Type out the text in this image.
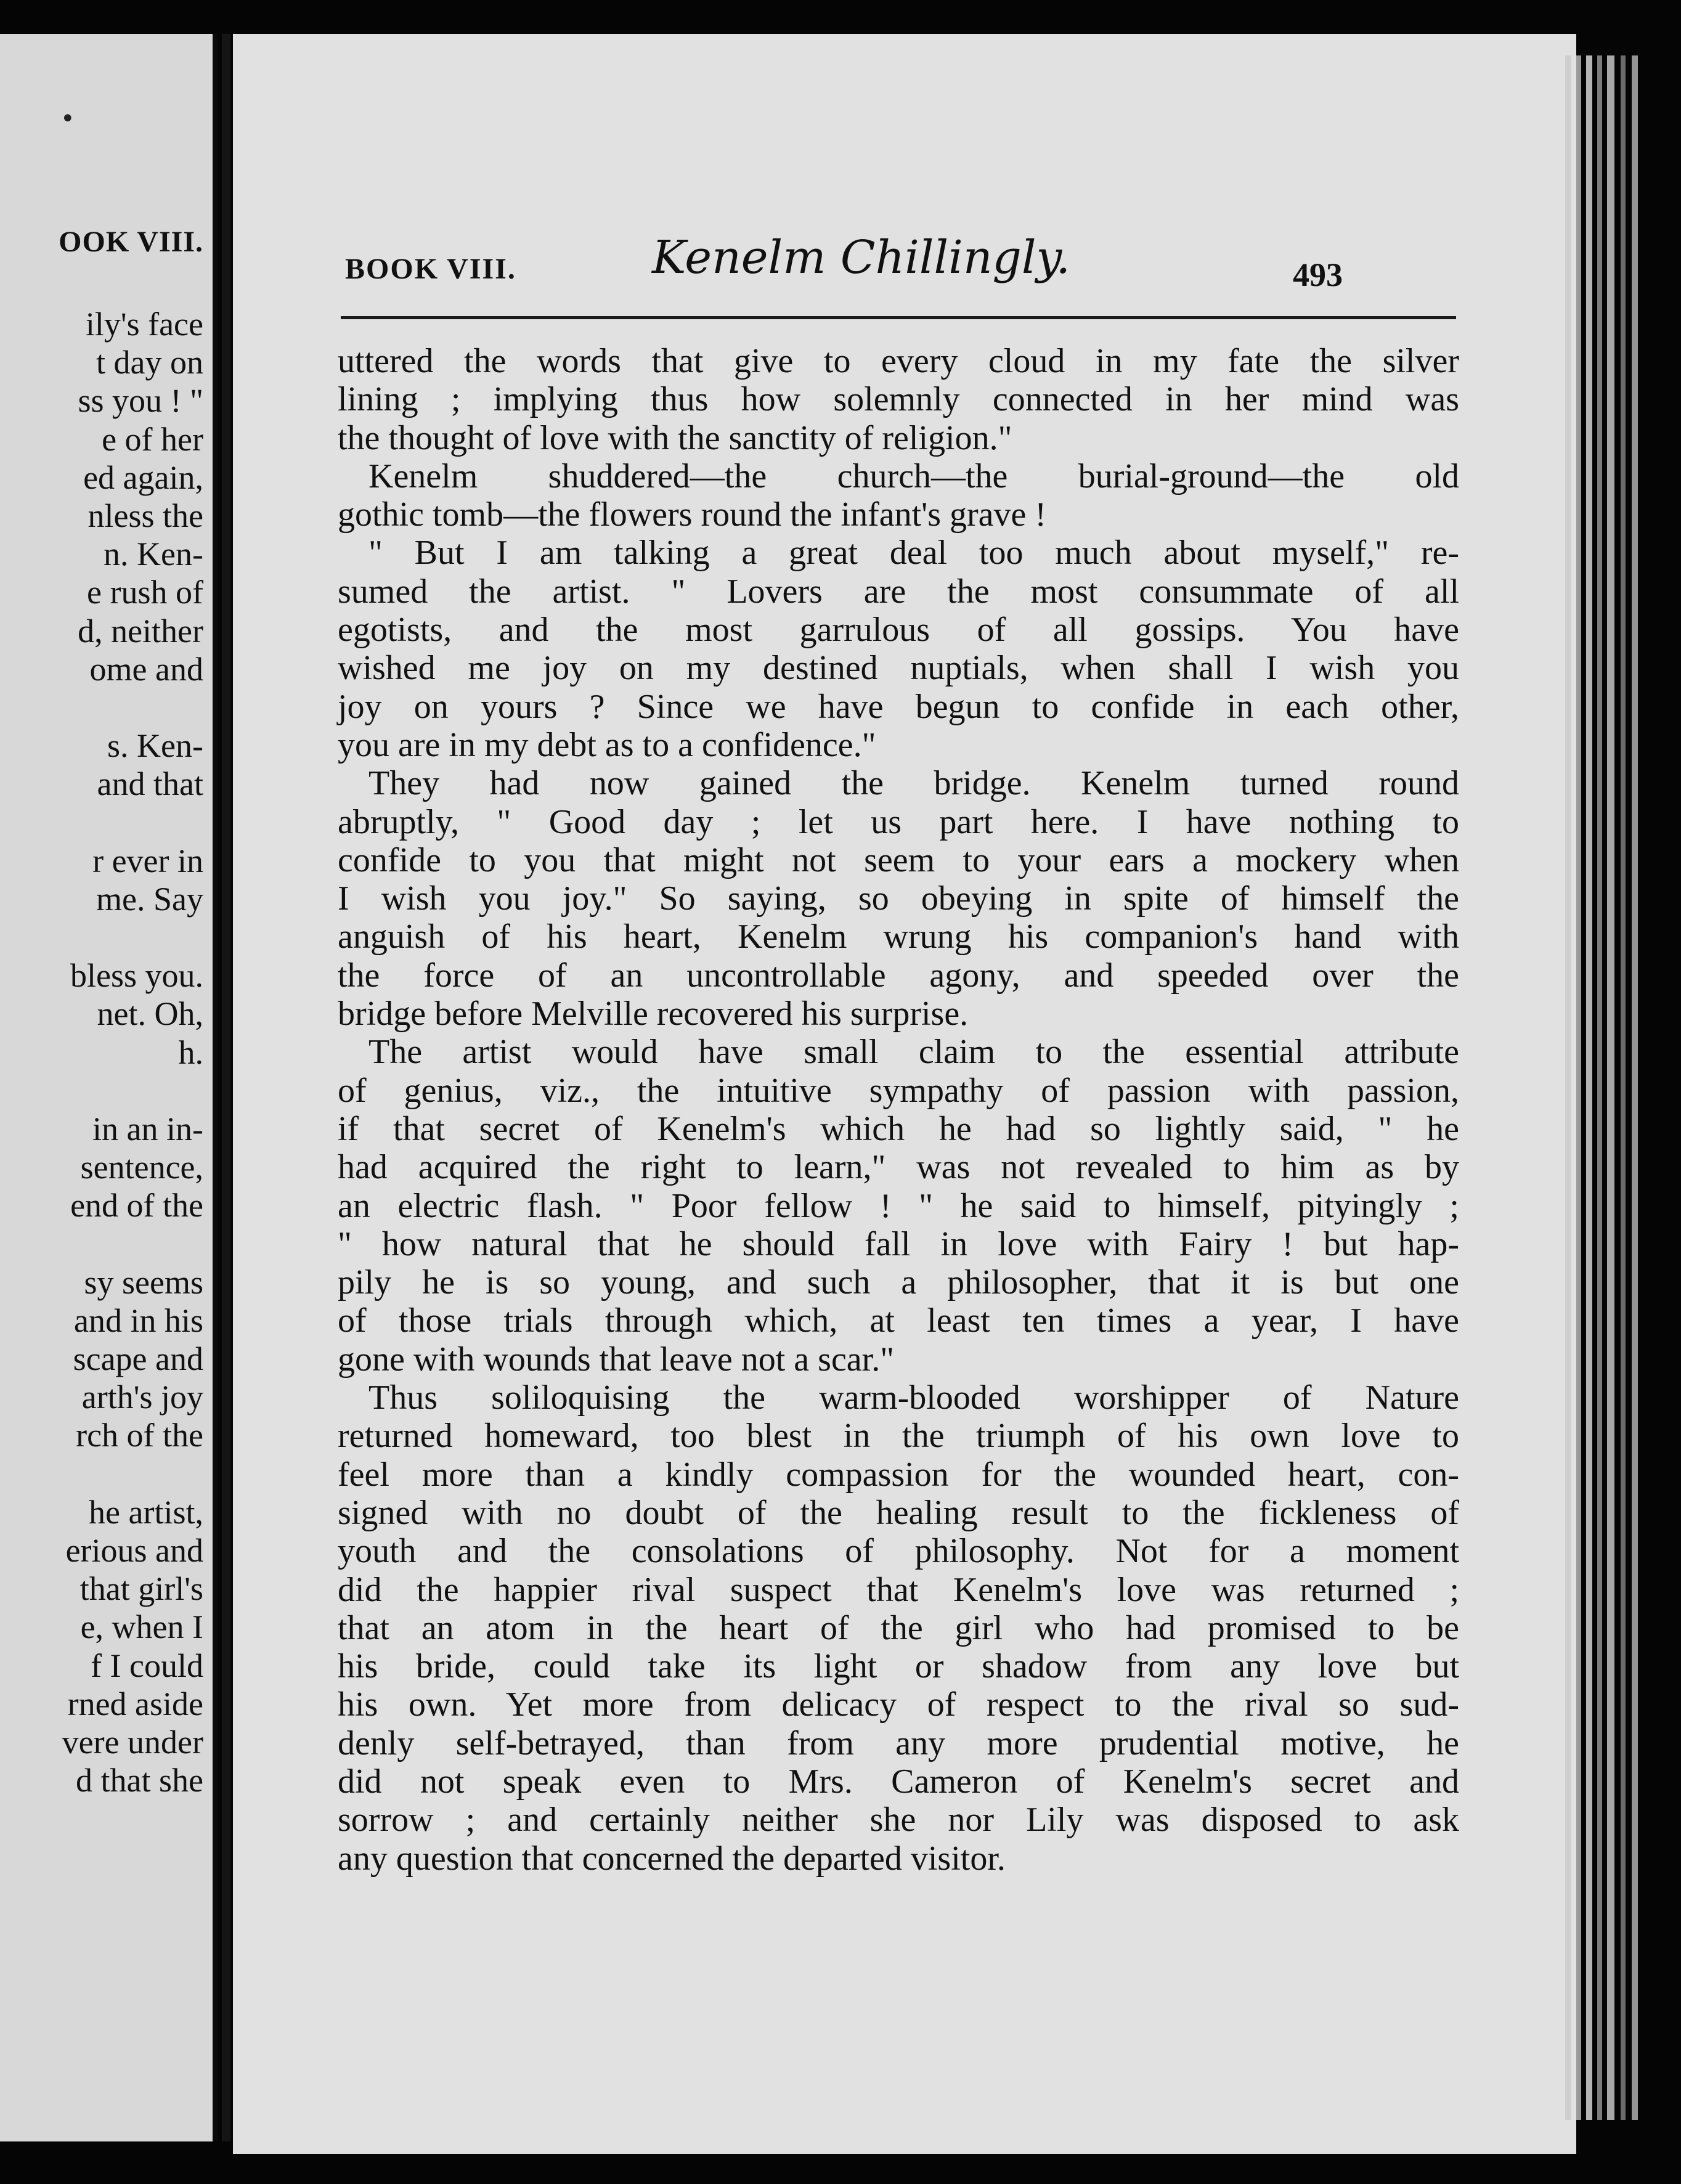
•
OOK VIII.
ily's face
t day on
ss you ! "
e of her
ed again,
nless the
n. Ken-
e rush of
d, neither
ome and
s. Ken-
and that
r ever in
me. Say
bless you.
net. Oh,
h.
in an in-
sentence,
end of the
sy seems
and in his
scape and
arth's joy
rch of the
he artist,
erious and
that girl's
e, when I
f I could
rned aside
vere under
d that she
BOOK VIII.	Kenelm Chillingly.	493
uttered the words that give to every cloud in my fate the silver
lining ; implying thus how solemnly connected in her mind was
the thought of love with the sanctity of religion."
Kenelm shuddered—the church—the burial-ground—the old
gothic tomb—the flowers round the infant's grave !
" But I am talking a great deal too much about myself," re-
sumed the artist. " Lovers are the most consummate of all
egotists, and the most garrulous of all gossips. You have
wished me joy on my destined nuptials, when shall I wish you
joy on yours ? Since we have begun to confide in each other,
you are in my debt as to a confidence."
They had now gained the bridge. Kenelm turned round
abruptly, " Good day ; let us part here. I have nothing to
confide to you that might not seem to your ears a mockery when
I wish you joy." So saying, so obeying in spite of himself the
anguish of his heart, Kenelm wrung his companion's hand with
the force of an uncontrollable agony, and speeded over the
bridge before Melville recovered his surprise.
The artist would have small claim to the essential attribute
of genius, viz., the intuitive sympathy of passion with passion,
if that secret of Kenelm's which he had so lightly said, " he
had acquired the right to learn," was not revealed to him as by
an electric flash. " Poor fellow ! " he said to himself, pityingly ;
" how natural that he should fall in love with Fairy ! but hap-
pily he is so young, and such a philosopher, that it is but one
of those trials through which, at least ten times a year, I have
gone with wounds that leave not a scar."
Thus soliloquising the warm-blooded worshipper of Nature
returned homeward, too blest in the triumph of his own love to
feel more than a kindly compassion for the wounded heart, con-
signed with no doubt of the healing result to the fickleness of
youth and the consolations of philosophy. Not for a moment
did the happier rival suspect that Kenelm's love was returned ;
that an atom in the heart of the girl who had promised to be
his bride, could take its light or shadow from any love but
his own. Yet more from delicacy of respect to the rival so sud-
denly self-betrayed, than from any more prudential motive, he
did not speak even to Mrs. Cameron of Kenelm's secret and
sorrow ; and certainly neither she nor Lily was disposed to ask
any question that concerned the departed visitor.
